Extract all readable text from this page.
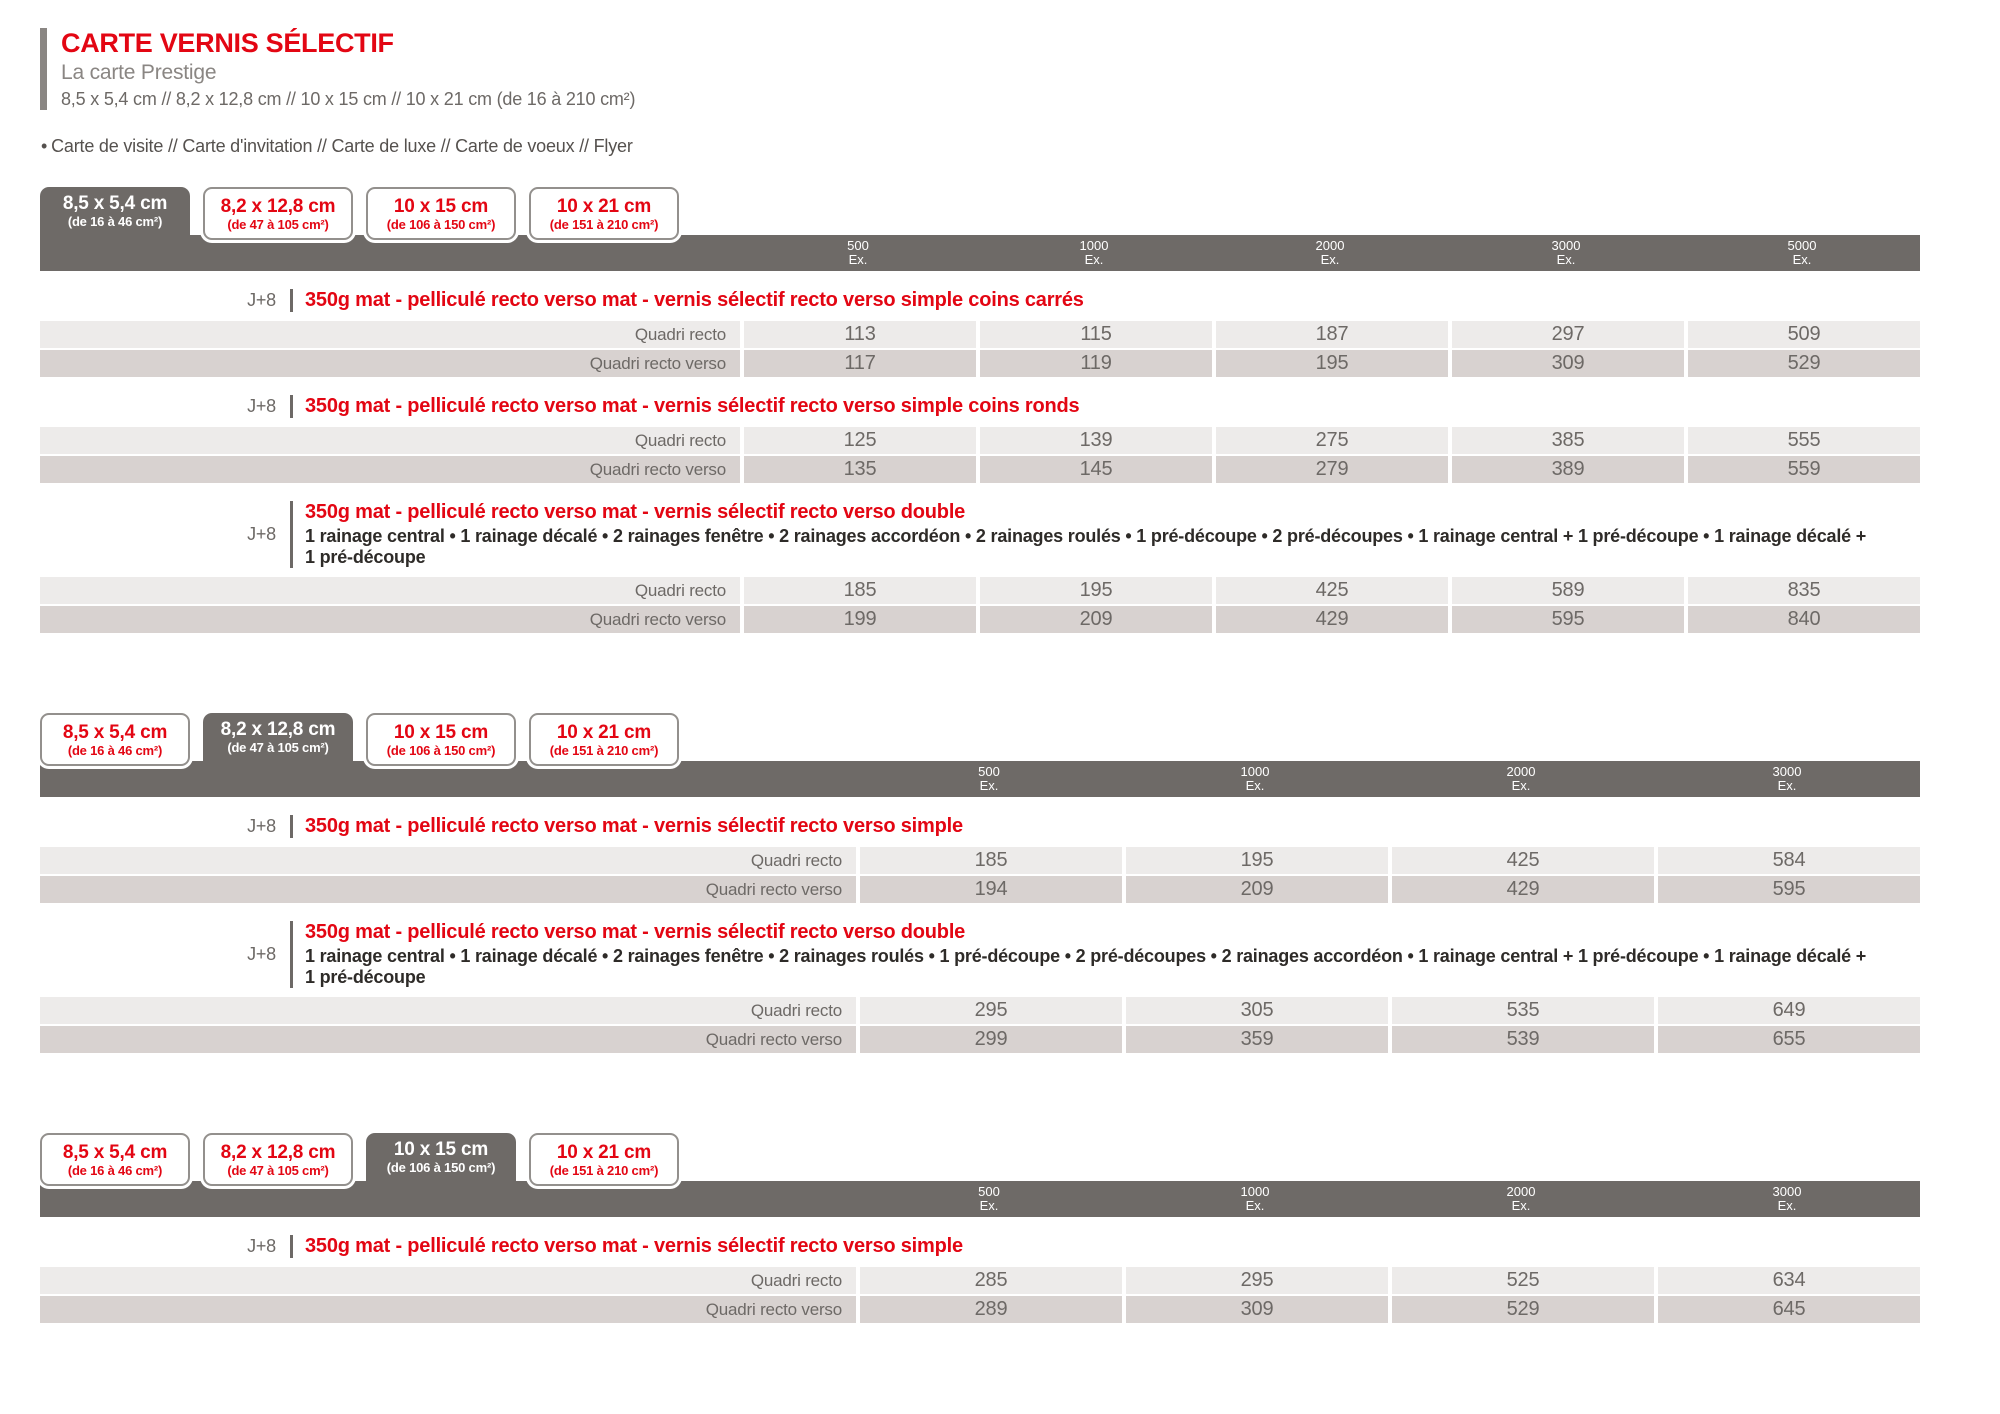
CARTE VERNIS SÉLECTIF
La carte Prestige
8,5 x 5,4 cm // 8,2 x 12,8 cm // 10 x 15 cm // 10 x 21 cm (de 16 à 210 cm²)

• Carte de visite // Carte d'invitation // Carte de luxe // Carte de voeux // Flyer

8,5 x 5,4 cm
(de 16 à 46 cm²)
8,2 x 12,8 cm
(de 47 à 105 cm²)
10 x 15 cm
(de 106 à 150 cm²)
10 x 21 cm
(de 151 à 210 cm²)
500
Ex.
1000
Ex.
2000
Ex.
3000
Ex.
5000
Ex.
J+8	350g mat - pelliculé recto verso mat - vernis sélectif recto verso simple coins carrés
Quadri recto	113	115	187	297	509
Quadri recto verso	117	119	195	309	529
J+8	350g mat - pelliculé recto verso mat - vernis sélectif recto verso simple coins ronds
Quadri recto	125	139	275	385	555
Quadri recto verso	135	145	279	389	559
J+8
350g mat - pelliculé recto verso mat - vernis sélectif recto verso double
1 rainage central • 1 rainage décalé • 2 rainages fenêtre • 2 rainages accordéon • 2 rainages roulés • 1 pré-découpe • 2 pré-découpes • 1 rainage central + 1 pré-découpe • 1 rainage décalé + 1 pré-découpe
Quadri recto	185	195	425	589	835
Quadri recto verso	199	209	429	595	840
8,5 x 5,4 cm
(de 16 à 46 cm²)
8,2 x 12,8 cm
(de 47 à 105 cm²)
10 x 15 cm
(de 106 à 150 cm²)
10 x 21 cm
(de 151 à 210 cm²)
500
Ex.
1000
Ex.
2000
Ex.
3000
Ex.
J+8	350g mat - pelliculé recto verso mat - vernis sélectif recto verso simple
Quadri recto	185	195	425	584
Quadri recto verso	194	209	429	595
J+8
350g mat - pelliculé recto verso mat - vernis sélectif recto verso double
1 rainage central • 1 rainage décalé • 2 rainages fenêtre • 2 rainages roulés • 1 pré-découpe • 2 pré-découpes • 2 rainages accordéon • 1 rainage central + 1 pré-découpe • 1 rainage décalé + 1 pré-découpe
Quadri recto	295	305	535	649
Quadri recto verso	299	359	539	655
8,5 x 5,4 cm
(de 16 à 46 cm²)
8,2 x 12,8 cm
(de 47 à 105 cm²)
10 x 15 cm
(de 106 à 150 cm²)
10 x 21 cm
(de 151 à 210 cm²)
500
Ex.
1000
Ex.
2000
Ex.
3000
Ex.
J+8	350g mat - pelliculé recto verso mat - vernis sélectif recto verso simple
Quadri recto	285	295	525	634
Quadri recto verso	289	309	529	645
